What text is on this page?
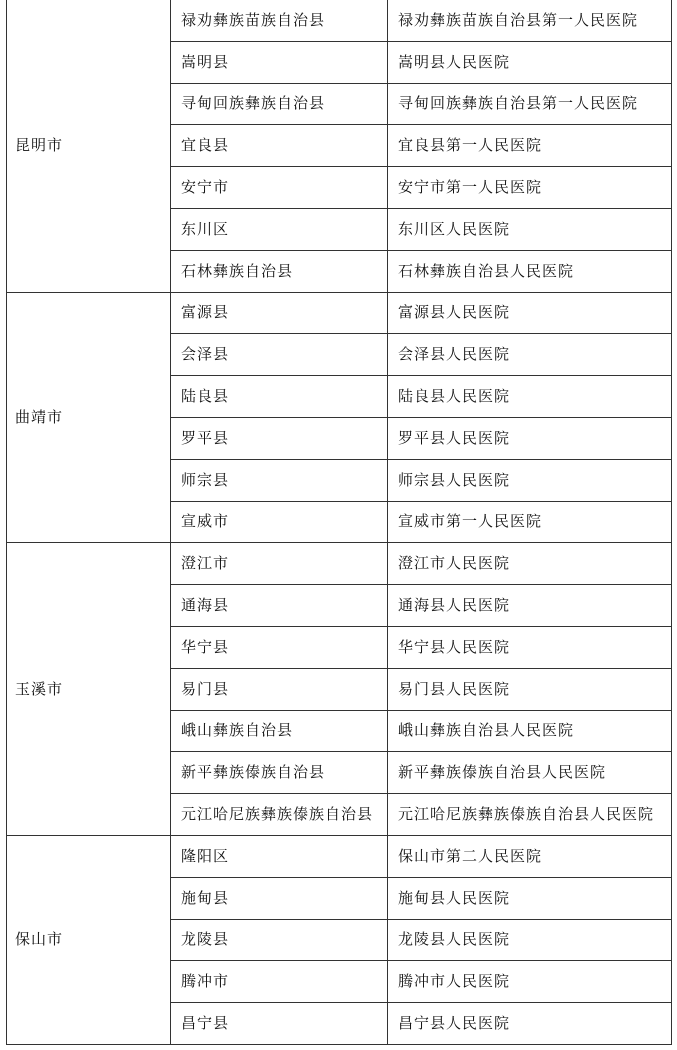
昆明市	禄劝彝族苗族自治县	禄劝彝族苗族自治县第一人民医院
	嵩明县	嵩明县人民医院
	寻甸回族彝族自治县	寻甸回族彝族自治县第一人民医院
	宜良县	宜良县第一人民医院
	安宁市	安宁市第一人民医院
	东川区	东川区人民医院
	石林彝族自治县	石林彝族自治县人民医院
曲靖市	富源县	富源县人民医院
	会泽县	会泽县人民医院
	陆良县	陆良县人民医院
	罗平县	罗平县人民医院
	师宗县	师宗县人民医院
	宣威市	宣威市第一人民医院
玉溪市	澄江市	澄江市人民医院
	通海县	通海县人民医院
	华宁县	华宁县人民医院
	易门县	易门县人民医院
	峨山彝族自治县	峨山彝族自治县人民医院
	新平彝族傣族自治县	新平彝族傣族自治县人民医院
	元江哈尼族彝族傣族自治县	元江哈尼族彝族傣族自治县人民医院
保山市	隆阳区	保山市第二人民医院
	施甸县	施甸县人民医院
	龙陵县	龙陵县人民医院
	腾冲市	腾冲市人民医院
	昌宁县	昌宁县人民医院
